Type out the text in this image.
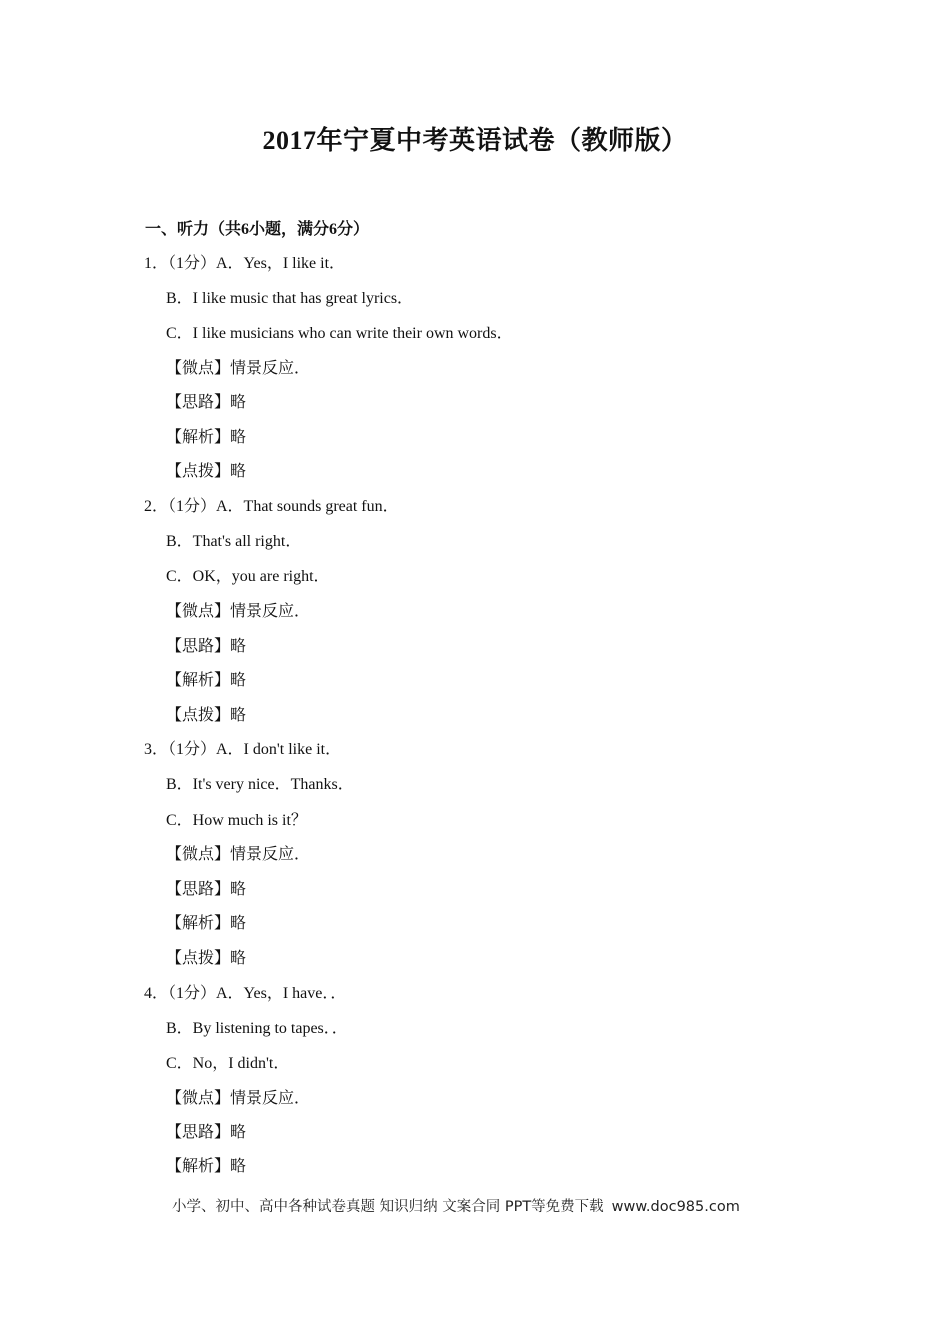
2017年宁夏中考英语试卷（教师版）
一、听力（共6小题，满分6分）
1．（1分）A．Yes，I like it．
B．I like music that has great lyrics．
C．I like musicians who can write their own words．
【微点】情景反应．
【思路】略
【解析】略
【点拨】略
2．（1分）A．That sounds great fun．
B．That's all right．
C．OK，you are right．
【微点】情景反应．
【思路】略
【解析】略
【点拨】略
3．（1分）A．I don't like it．
B．It's very nice．Thanks．
C．How much is it？
【微点】情景反应．
【思路】略
【解析】略
【点拨】略
4．（1分）A．Yes，I have．．
B．By listening to tapes．．
C．No，I didn't．
【微点】情景反应．
【思路】略
【解析】略
小学、初中、高中各种试卷真题 知识归纳 文案合同 PPT等免费下载 www.doc985.com
